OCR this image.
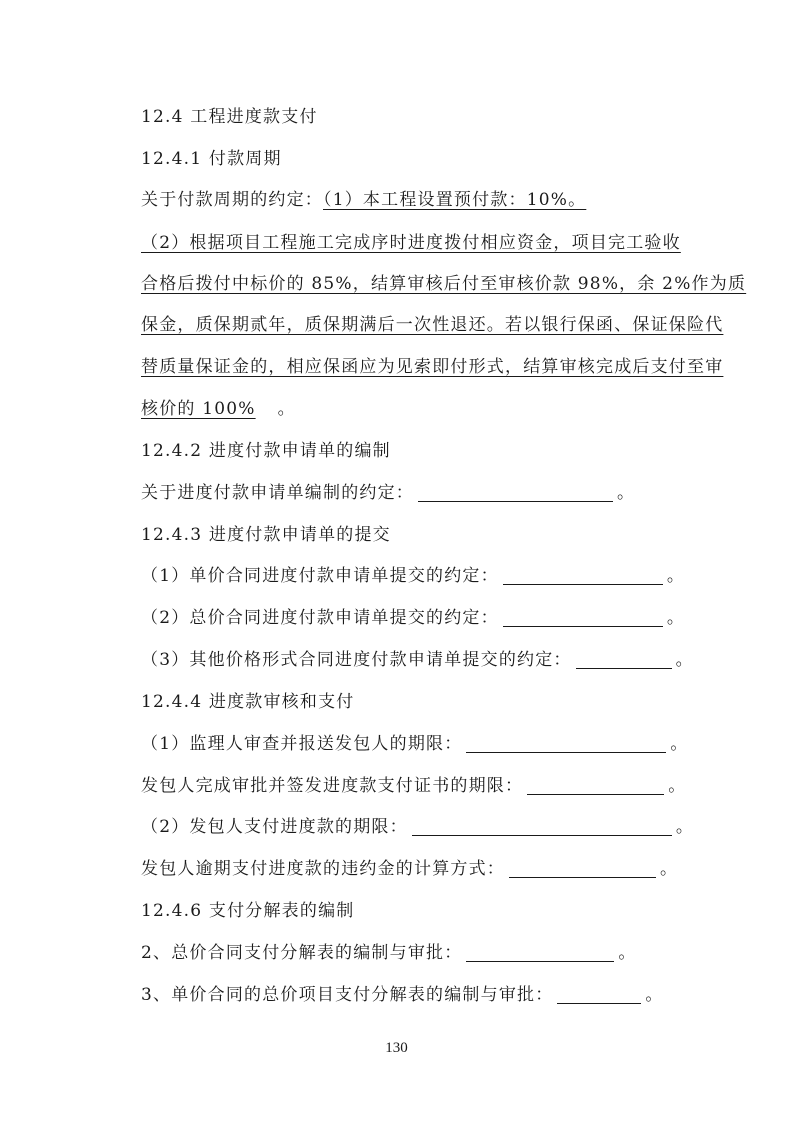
12.4 工程进度款支付
12.4.1 付款周期
关于付款周期的约定：（1）本工程设置预付款：10%。
（2）根据项目工程施工完成序时进度拨付相应资金，项目完工验收
合格后拨付中标价的 85%，结算审核后付至审核价款 98%，余 2%作为质
保金，质保期贰年，质保期满后一次性退还。若以银行保函、保证保险代
替质量保证金的，相应保函应为见索即付形式，结算审核完成后支付至审
核价的 100% 。
12.4.2 进度付款申请单的编制
关于进度付款申请单编制的约定：	。
12.4.3 进度付款申请单的提交
（1）单价合同进度付款申请单提交的约定：	。
（2）总价合同进度付款申请单提交的约定：	。
（3）其他价格形式合同进度付款申请单提交的约定：	。
12.4.4 进度款审核和支付
（1）监理人审查并报送发包人的期限：	。
发包人完成审批并签发进度款支付证书的期限：	。
（2）发包人支付进度款的期限：	。
发包人逾期支付进度款的违约金的计算方式：	。
12.4.6 支付分解表的编制
2、总价合同支付分解表的编制与审批：	。
3、单价合同的总价项目支付分解表的编制与审批：	。
130
